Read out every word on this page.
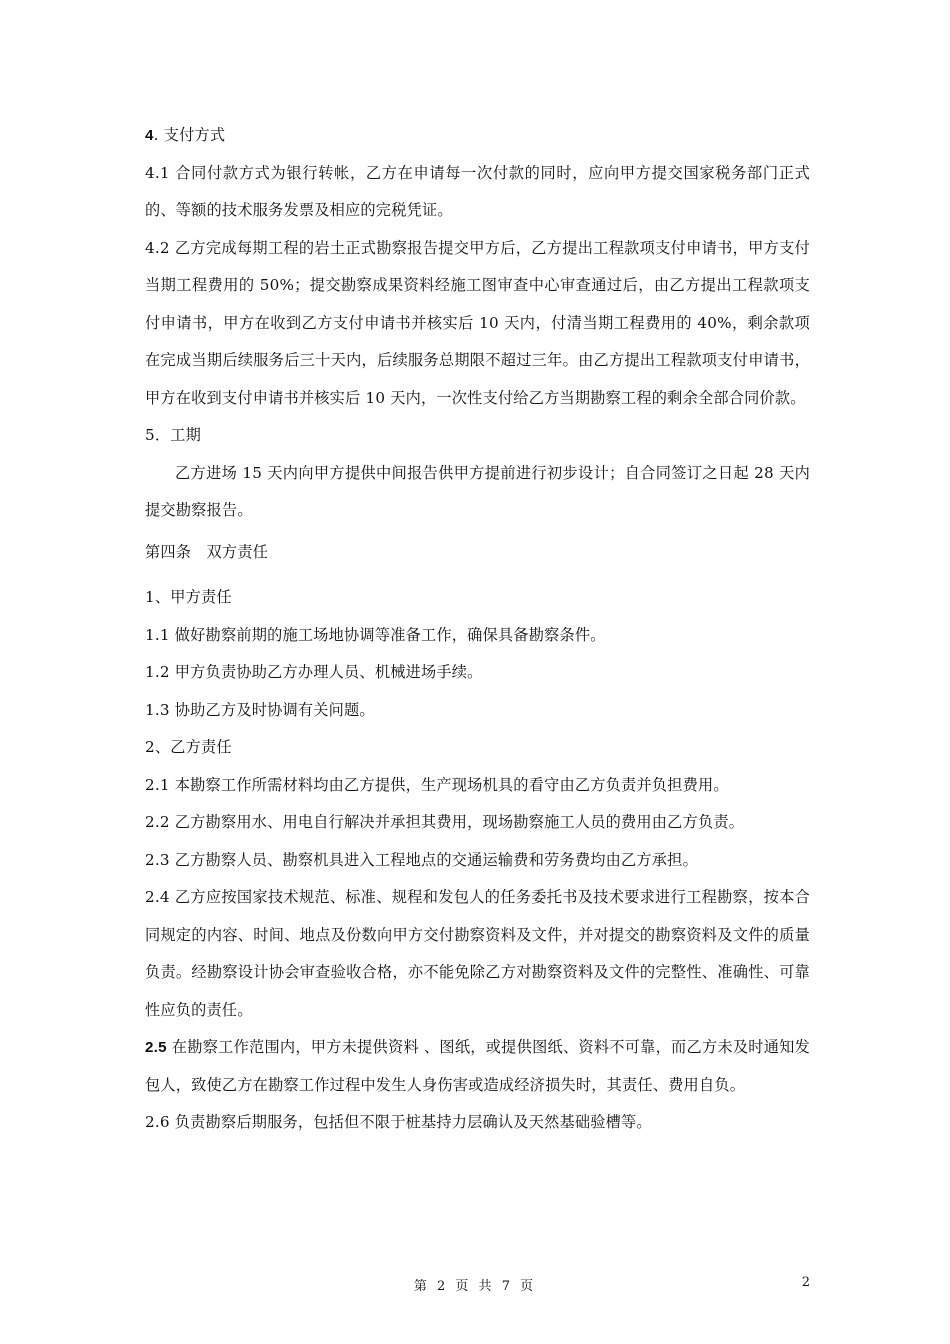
4. 支付方式

4.1 合同付款方式为银行转帐，乙方在申请每一次付款的同时，应向甲方提交国家税务部门正式的、等额的技术服务发票及相应的完税凭证。

4.2 乙方完成每期工程的岩土正式勘察报告提交甲方后，乙方提出工程款项支付申请书，甲方支付当期工程费用的 50%；提交勘察成果资料经施工图审查中心审查通过后，由乙方提出工程款项支付申请书，甲方在收到乙方支付申请书并核实后 10 天内，付清当期工程费用的 40%，剩余款项在完成当期后续服务后三十天内，后续服务总期限不超过三年。由乙方提出工程款项支付申请书，甲方在收到支付申请书并核实后 10 天内，一次性支付给乙方当期勘察工程的剩余全部合同价款。

5．工期

乙方进场 15 天内向甲方提供中间报告供甲方提前进行初步设计；自合同签订之日起 28 天内提交勘察报告。

第四条　双方责任

1、甲方责任

1.1 做好勘察前期的施工场地协调等准备工作，确保具备勘察条件。

1.2 甲方负责协助乙方办理人员、机械进场手续。

1.3 协助乙方及时协调有关问题。

2、乙方责任

2.1 本勘察工作所需材料均由乙方提供，生产现场机具的看守由乙方负责并负担费用。

2.2 乙方勘察用水、用电自行解决并承担其费用，现场勘察施工人员的费用由乙方负责。

2.3 乙方勘察人员、勘察机具进入工程地点的交通运输费和劳务费均由乙方承担。

2.4 乙方应按国家技术规范、标准、规程和发包人的任务委托书及技术要求进行工程勘察，按本合同规定的内容、时间、地点及份数向甲方交付勘察资料及文件，并对提交的勘察资料及文件的质量负责。经勘察设计协会审查验收合格，亦不能免除乙方对勘察资料及文件的完整性、准确性、可靠性应负的责任。

2.5 在勘察工作范围内，甲方未提供资料 、图纸，或提供图纸、资料不可靠，而乙方未及时通知发包人，致使乙方在勘察工作过程中发生人身伤害或造成经济损失时，其责任、费用自负。

2.6 负责勘察后期服务，包括但不限于桩基持力层确认及天然基础验槽等。

第 2 页 共 7 页	2
